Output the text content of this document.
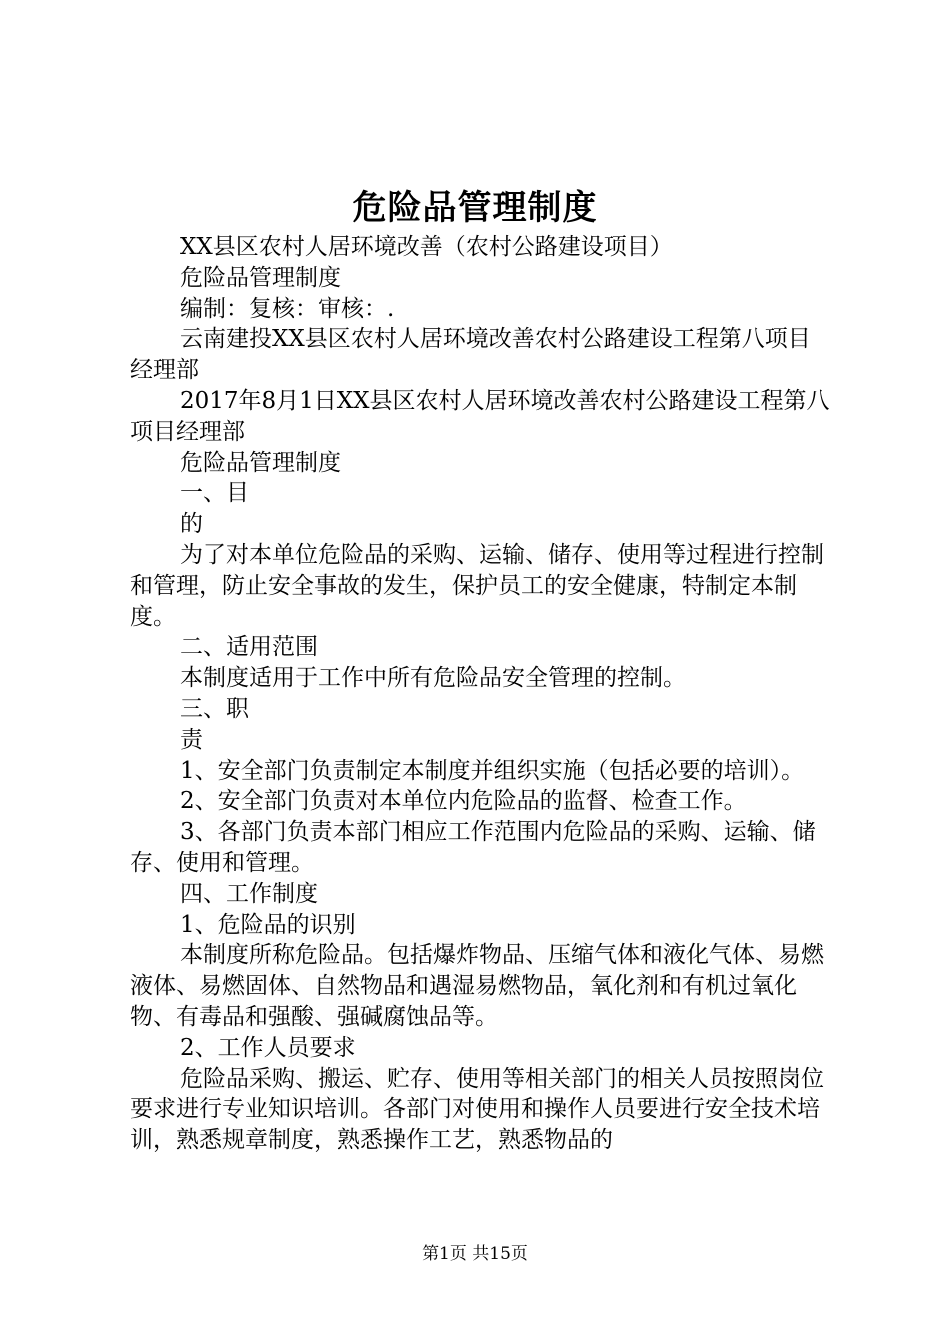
危险品管理制度

XX县区农村人居环境改善（农村公路建设项目）

危险品管理制度

编制：复核：审核：.

云南建投XX县区农村人居环境改善农村公路建设工程第八项目经理部

2017年8月1日XX县区农村人居环境改善农村公路建设工程第八项目经理部

危险品管理制度

一、目

的

为了对本单位危险品的采购、运输、储存、使用等过程进行控制和管理，防止安全事故的发生，保护员工的安全健康，特制定本制度。

二、适用范围

本制度适用于工作中所有危险品安全管理的控制。

三、职

责

1、安全部门负责制定本制度并组织实施（包括必要的培训）。

2、安全部门负责对本单位内危险品的监督、检查工作。

3、各部门负责本部门相应工作范围内危险品的采购、运输、储存、使用和管理。

四、工作制度

1、危险品的识别

本制度所称危险品。包括爆炸物品、压缩气体和液化气体、易燃液体、易燃固体、自然物品和遇湿易燃物品，氧化剂和有机过氧化物、有毒品和强酸、强碱腐蚀品等。

2、工作人员要求

危险品采购、搬运、贮存、使用等相关部门的相关人员按照岗位要求进行专业知识培训。各部门对使用和操作人员要进行安全技术培训，熟悉规章制度，熟悉操作工艺，熟悉物品的

第1页 共15页
